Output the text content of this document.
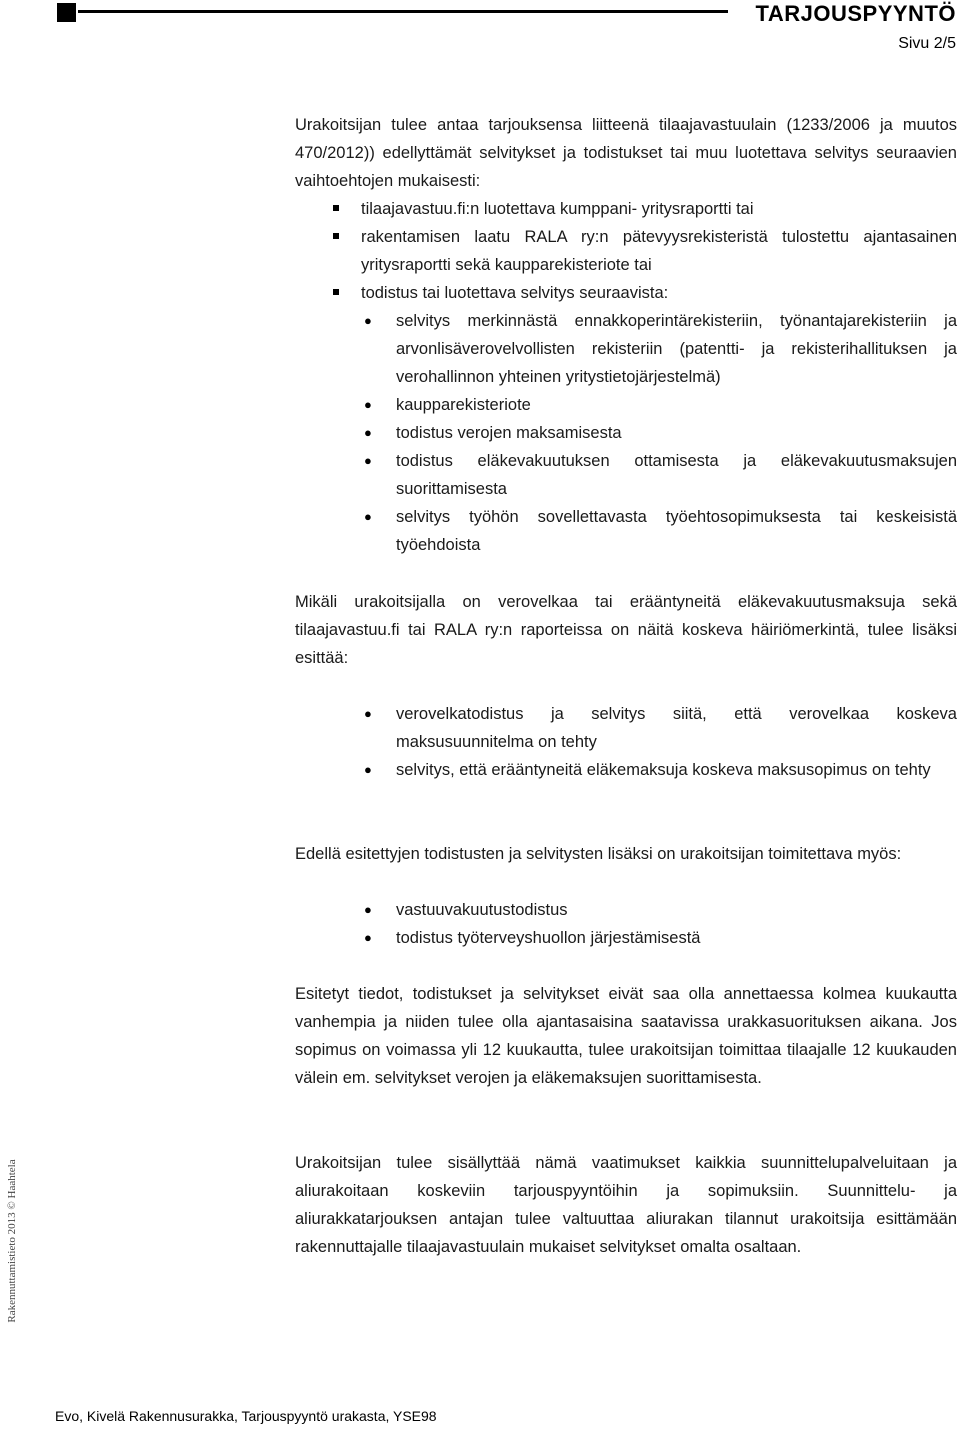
TARJOUSPYYNTÖ
Sivu 2/5

Urakoitsijan tulee antaa tarjouksensa liitteenä tilaajavastuulain (1233/2006 ja muutos 470/2012)) edellyttämät selvitykset ja todistukset tai muu luotettava selvitys seuraavien vaihtoehtojen mukaisesti:

tilaajavastuu.fi:n luotettava kumppani- yritysraportti tai
rakentamisen laatu RALA ry:n pätevyysrekisteristä tulostettu ajantasainen yritysraportti sekä kaupparekisteriote tai
todistus tai luotettava selvitys seuraavista:
● selvitys merkinnästä ennakkoperintärekisteriin, työnantajarekisteriin ja arvonlisäverovelvollisten rekisteriin (patentti- ja rekisterihallituksen ja verohallinnon yhteinen yritystietojärjestelmä)
● kaupparekisteriote
● todistus verojen maksamisesta
● todistus eläkevakuutuksen ottamisesta ja eläkevakuutusmaksujen suorittamisesta
● selvitys työhön sovellettavasta työehtosopimuksesta tai keskeisistä työehdoista

Mikäli urakoitsijalla on verovelkaa tai erääntyneitä eläkevakuutusmaksuja sekä tilaajavastuu.fi tai RALA ry:n raporteissa on näitä koskeva häiriömerkintä, tulee lisäksi esittää:

● verovelkatodistus ja selvitys siitä, että verovelkaa koskeva maksusuunnitelma on tehty
● selvitys, että erääntyneitä eläkemaksuja koskeva maksusopimus on tehty

Edellä esitettyjen todistusten ja selvitysten lisäksi on urakoitsijan toimitettava myös:

● vastuuvakuutustodistus
● todistus työterveyshuollon järjestämisestä

Esitetyt tiedot, todistukset ja selvitykset eivät saa olla annettaessa kolmea kuukautta vanhempia ja niiden tulee olla ajantasaisina saatavissa urakkasuorituksen aikana. Jos sopimus on voimassa yli 12 kuukautta, tulee urakoitsijan toimittaa tilaajalle 12 kuukauden välein em. selvitykset verojen ja eläkemaksujen suorittamisesta.

Urakoitsijan tulee sisällyttää nämä vaatimukset kaikkia suunnittelupalveluitaan ja aliurakoitaan koskeviin tarjouspyyntöihin ja sopimuksiin. Suunnittelu- ja aliurakkatarjouksen antajan tulee valtuuttaa aliurakan tilannut urakoitsija esittämään rakennuttajalle tilaajavastuulain mukaiset selvitykset omalta osaltaan.

Rakennuttamistieto 2013 © Haahtela
Evo, Kivelä Rakennusurakka, Tarjouspyyntö urakasta, YSE98
